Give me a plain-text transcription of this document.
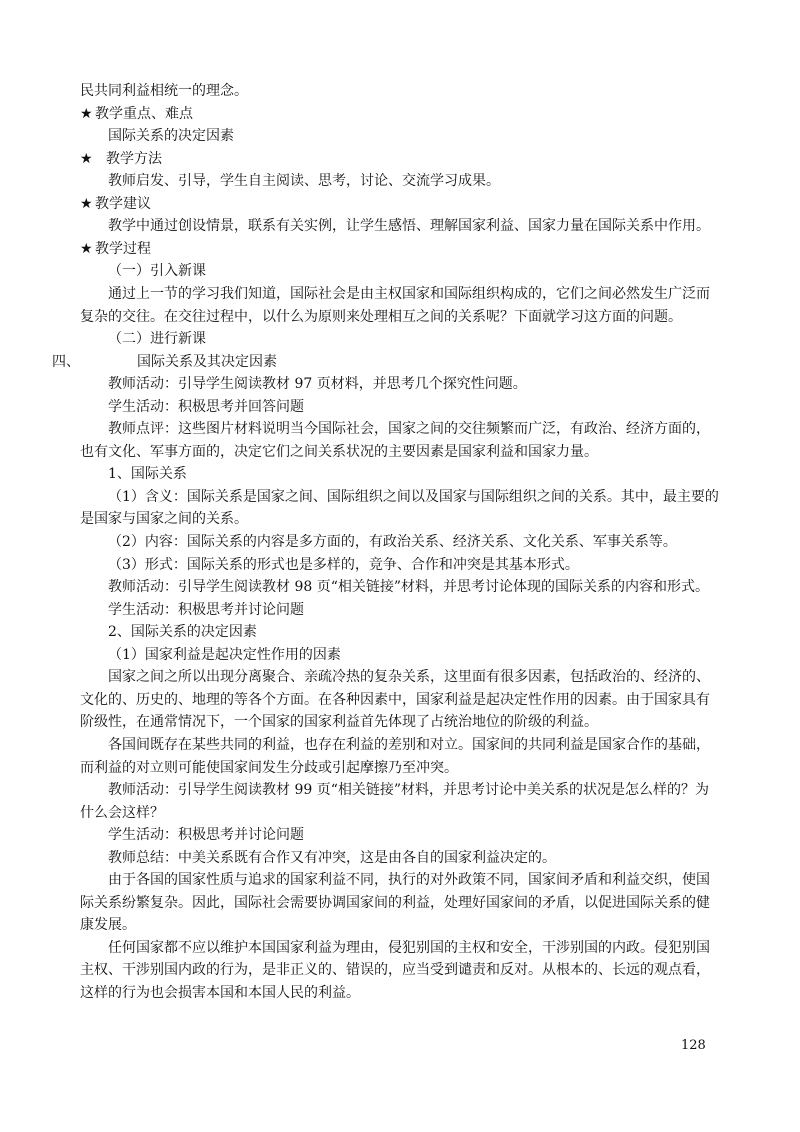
民共同利益相统一的理念。
★ 教学重点、难点
国际关系的决定因素
★ 教学方法
教师启发、引导，学生自主阅读、思考，讨论、交流学习成果。
★ 教学建议
教学中通过创设情景，联系有关实例，让学生感悟、理解国家利益、国家力量在国际关系中作用。
★ 教学过程
（一）引入新课
通过上一节的学习我们知道，国际社会是由主权国家和国际组织构成的，它们之间必然发生广泛而
复杂的交往。在交往过程中，以什么为原则来处理相互之间的关系呢？下面就学习这方面的问题。
（二）进行新课
四、	国际关系及其决定因素
教师活动：引导学生阅读教材 97 页材料，并思考几个探究性问题。
学生活动：积极思考并回答问题
教师点评：这些图片材料说明当今国际社会，国家之间的交往频繁而广泛，有政治、经济方面的，
也有文化、军事方面的，决定它们之间关系状况的主要因素是国家利益和国家力量。
1、国际关系
（1）含义：国际关系是国家之间、国际组织之间以及国家与国际组织之间的关系。其中，最主要的
是国家与国家之间的关系。
（2）内容：国际关系的内容是多方面的，有政治关系、经济关系、文化关系、军事关系等。
（3）形式：国际关系的形式也是多样的，竞争、合作和冲突是其基本形式。
教师活动：引导学生阅读教材 98 页“相关链接”材料，并思考讨论体现的国际关系的内容和形式。
学生活动：积极思考并讨论问题
2、国际关系的决定因素
（1）国家利益是起决定性作用的因素
国家之间之所以出现分离聚合、亲疏冷热的复杂关系，这里面有很多因素，包括政治的、经济的、
文化的、历史的、地理的等各个方面。在各种因素中，国家利益是起决定性作用的因素。由于国家具有
阶级性，在通常情况下，一个国家的国家利益首先体现了占统治地位的阶级的利益。
各国间既存在某些共同的利益，也存在利益的差别和对立。国家间的共同利益是国家合作的基础，
而利益的对立则可能使国家间发生分歧或引起摩擦乃至冲突。
教师活动：引导学生阅读教材 99 页“相关链接”材料，并思考讨论中美关系的状况是怎么样的？为
什么会这样？
学生活动：积极思考并讨论问题
教师总结：中美关系既有合作又有冲突，这是由各自的国家利益决定的。
由于各国的国家性质与追求的国家利益不同，执行的对外政策不同，国家间矛盾和利益交织，使国
际关系纷繁复杂。因此，国际社会需要协调国家间的利益，处理好国家间的矛盾，以促进国际关系的健
康发展。
任何国家都不应以维护本国国家利益为理由，侵犯别国的主权和安全，干涉别国的内政。侵犯别国
主权、干涉别国内政的行为，是非正义的、错误的，应当受到谴责和反对。从根本的、长远的观点看，
这样的行为也会损害本国和本国人民的利益。
128
